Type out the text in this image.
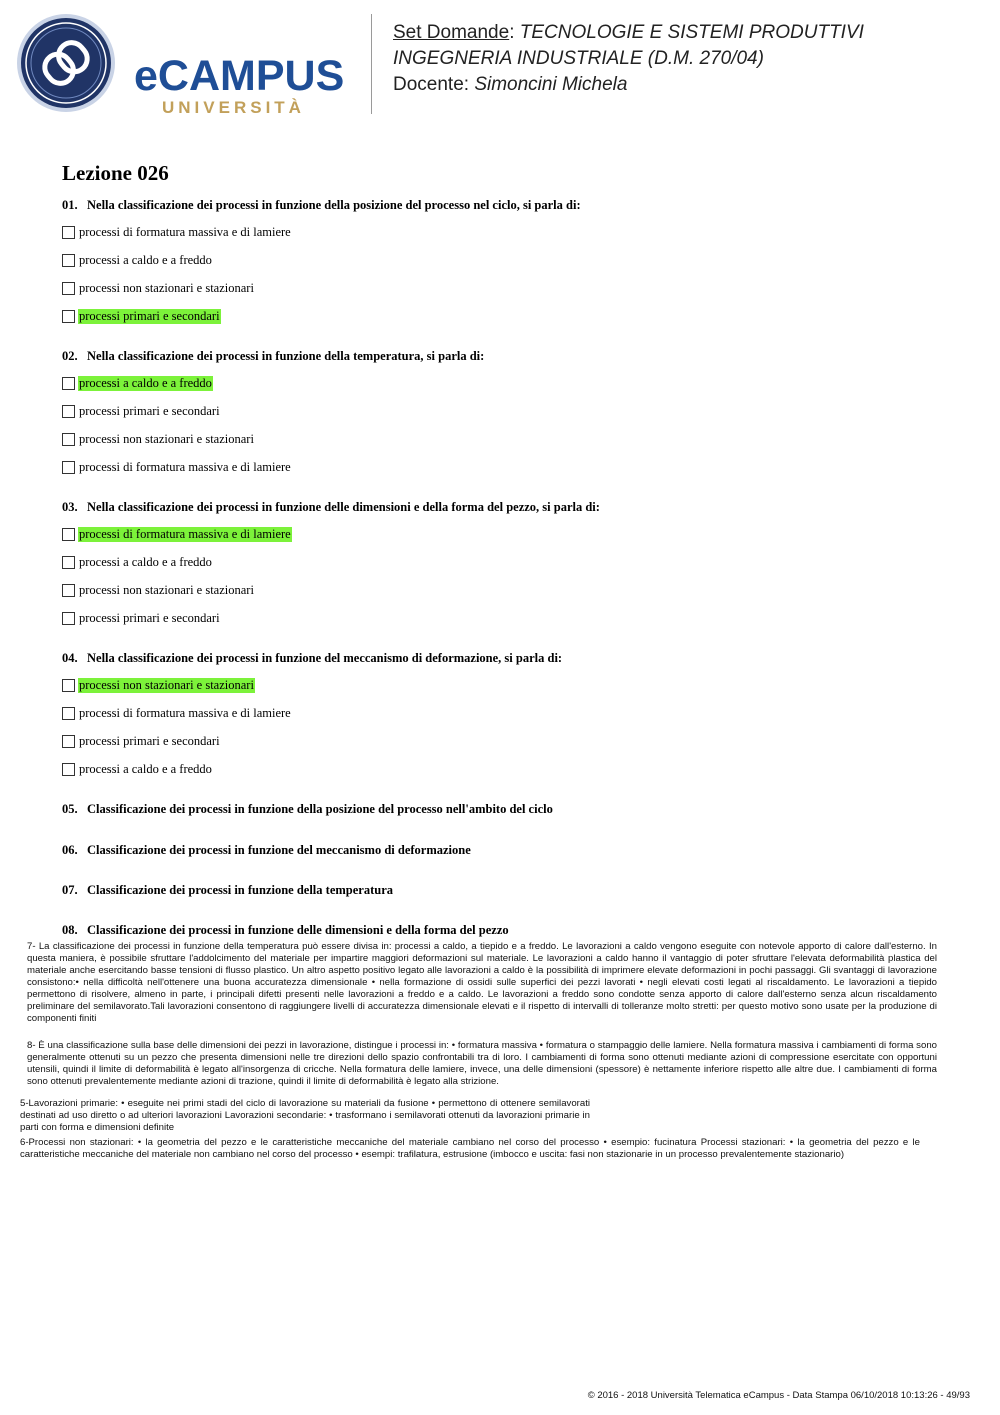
eCAMPUS
UNIVERSITÀ
Set Domande: TECNOLOGIE E SISTEMI PRODUTTIVI
INGEGNERIA INDUSTRIALE (D.M. 270/04)
Docente: Simoncini Michela
Lezione 026
01. Nella classificazione dei processi in funzione della posizione del processo nel ciclo, si parla di:
processi di formatura massiva e di lamiere
processi a caldo e a freddo
processi non stazionari e stazionari
processi primari e secondari
02. Nella classificazione dei processi in funzione della temperatura, si parla di:
processi a caldo e a freddo
processi primari e secondari
processi non stazionari e stazionari
processi di formatura massiva e di lamiere
03. Nella classificazione dei processi in funzione delle dimensioni e della forma del pezzo, si parla di:
processi di formatura massiva e di lamiere
processi a caldo e a freddo
processi non stazionari e stazionari
processi primari e secondari
04. Nella classificazione dei processi in funzione del meccanismo di deformazione, si parla di:
processi non stazionari e stazionari
processi di formatura massiva e di lamiere
processi primari e secondari
processi a caldo e a freddo
05. Classificazione dei processi in funzione della posizione del processo nell'ambito del ciclo
06. Classificazione dei processi in funzione del meccanismo di deformazione
07. Classificazione dei processi in funzione della temperatura
08. Classificazione dei processi in funzione delle dimensioni e della forma del pezzo
7- La classificazione dei processi in funzione della temperatura può essere divisa in: processi a caldo, a tiepido e a freddo. Le lavorazioni a caldo vengono eseguite con notevole apporto di calore dall'esterno. In questa maniera, è possibile sfruttare l'addolcimento del materiale per impartire maggiori deformazioni sul materiale. Le lavorazioni a caldo hanno il vantaggio di poter sfruttare l'elevata deformabilità plastica del materiale anche esercitando basse tensioni di flusso plastico. Un altro aspetto positivo legato alle lavorazioni a caldo è la possibilità di imprimere elevate deformazioni in pochi passaggi. Gli svantaggi di lavorazione consistono:• nella difficoltà nell'ottenere una buona accuratezza dimensionale • nella formazione di ossidi sulle superfici dei pezzi lavorati • negli elevati costi legati al riscaldamento. Le lavorazioni a tiepido permettono di risolvere, almeno in parte, i principali difetti presenti nelle lavorazioni a freddo e a caldo. Le lavorazioni a freddo sono condotte senza apporto di calore dall'esterno senza alcun riscaldamento preliminare del semilavorato.Tali lavorazioni consentono di raggiungere livelli di accuratezza dimensionale elevati e il rispetto di intervalli di tolleranze molto stretti: per questo motivo sono usate per la produzione di componenti finiti
8- È una classificazione sulla base delle dimensioni dei pezzi in lavorazione, distingue i processi in: • formatura massiva • formatura o stampaggio delle lamiere. Nella formatura massiva i cambiamenti di forma sono generalmente ottenuti su un pezzo che presenta dimensioni nelle tre direzioni dello spazio confrontabili tra di loro. I cambiamenti di forma sono ottenuti mediante azioni di compressione esercitate con opportuni utensili, quindi il limite di deformabilità è legato all'insorgenza di cricche. Nella formatura delle lamiere, invece, una delle dimensioni (spessore) è nettamente inferiore rispetto alle altre due. I cambiamenti di forma sono ottenuti prevalentemente mediante azioni di trazione, quindi il limite di deformabilità è legato alla strizione.
5-Lavorazioni primarie: • eseguite nei primi stadi del ciclo di lavorazione su materiali da fusione • permettono di ottenere semilavorati destinati ad uso diretto o ad ulteriori lavorazioni Lavorazioni secondarie: • trasformano i semilavorati ottenuti da lavorazioni primarie in parti con forma e dimensioni definite
6-Processi non stazionari: • la geometria del pezzo e le caratteristiche meccaniche del materiale cambiano nel corso del processo • esempio: fucinatura Processi stazionari: • la geometria del pezzo e le caratteristiche meccaniche del materiale non cambiano nel corso del processo • esempi: trafilatura, estrusione (imbocco e uscita: fasi non stazionarie in un processo prevalentemente stazionario)
© 2016 - 2018 Università Telematica eCampus - Data Stampa 06/10/2018 10:13:26 - 49/93
